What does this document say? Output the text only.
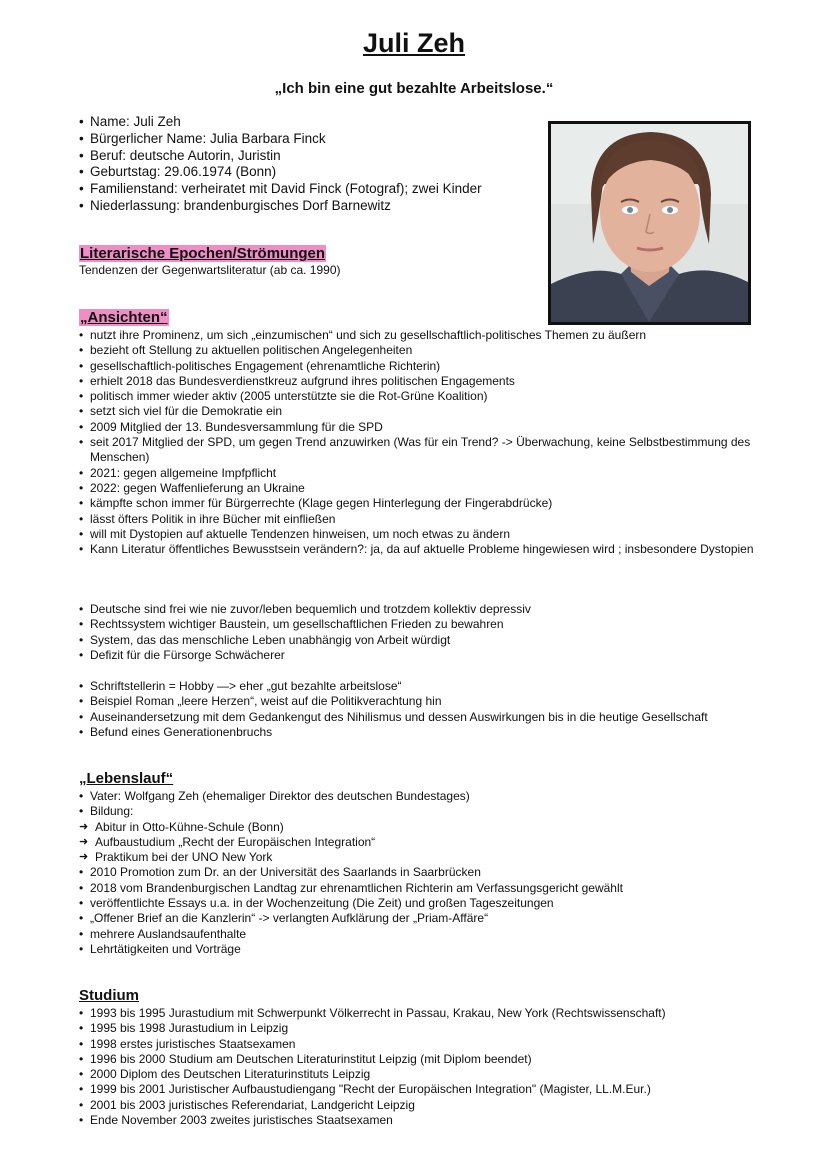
Juli Zeh
„Ich bin eine gut bezahlte Arbeitslose.“
• Name: Juli Zeh
• Bürgerlicher Name: Julia Barbara Finck
• Beruf: deutsche Autorin, Juristin
• Geburtstag: 29.06.1974 (Bonn)
• Familienstand: verheiratet mit David Finck (Fotograf); zwei Kinder
• Niederlassung: brandenburgisches Dorf Barnewitz
Literarische Epochen/Strömungen
Tendenzen der Gegenwartsliteratur (ab ca. 1990)
„Ansichten“
• nutzt ihre Prominenz, um sich „einzumischen“ und sich zu gesellschaftlich-politisches Themen zu äußern
• bezieht oft Stellung zu aktuellen politischen Angelegenheiten
• gesellschaftlich-politisches Engagement (ehrenamtliche Richterin)
• erhielt 2018 das Bundesverdienstkreuz aufgrund ihres politischen Engagements
• politisch immer wieder aktiv (2005 unterstützte sie die Rot-Grüne Koalition)
• setzt sich viel für die Demokratie ein
• 2009 Mitglied der 13. Bundesversammlung für die SPD
• seit 2017 Mitglied der SPD, um gegen Trend anzuwirken (Was für ein Trend? -> Überwachung, keine Selbstbestimmung des Menschen)
• 2021: gegen allgemeine Impfpflicht
• 2022: gegen Waffenlieferung an Ukraine
• kämpfte schon immer für Bürgerrechte (Klage gegen Hinterlegung der Fingerabdrücke)
• lässt öfters Politik in ihre Bücher mit einfließen
• will mit Dystopien auf aktuelle Tendenzen hinweisen, um noch etwas zu ändern
• Kann Literatur öffentliches Bewusstsein verändern?: ja, da auf aktuelle Probleme hingewiesen wird ; insbesondere Dystopien
• Deutsche sind frei wie nie zuvor/leben bequemlich und trotzdem kollektiv depressiv
• Rechtssystem wichtiger Baustein, um gesellschaftlichen Frieden zu bewahren
• System, das das menschliche Leben unabhängig von Arbeit würdigt
• Defizit für die Fürsorge Schwächerer
• Schriftstellerin = Hobby —> eher „gut bezahlte arbeitslose“
• Beispiel Roman „leere Herzen“, weist auf die Politikverachtung hin
• Auseinandersetzung mit dem Gedankengut des Nihilismus und dessen Auswirkungen bis in die heutige Gesellschaft
• Befund eines Generationenbruchs
„Lebenslauf“
• Vater: Wolfgang Zeh (ehemaliger Direktor des deutschen Bundestages)
• Bildung:
➜ Abitur in Otto-Kühne-Schule (Bonn)
➜ Aufbaustudium „Recht der Europäischen Integration“
➜ Praktikum bei der UNO New York
• 2010 Promotion zum Dr. an der Universität des Saarlands in Saarbrücken
• 2018 vom Brandenburgischen Landtag zur ehrenamtlichen Richterin am Verfassungsgericht gewählt
• veröffentlichte Essays u.a. in der Wochenzeitung (Die Zeit) und großen Tageszeitungen
• „Offener Brief an die Kanzlerin“ -> verlangten Aufklärung der „Priam-Affäre“
• mehrere Auslandsaufenthalte
• Lehrtätigkeiten und Vorträge
Studium
• 1993 bis 1995 Jurastudium mit Schwerpunkt Völkerrecht in Passau, Krakau, New York (Rechtswissenschaft)
• 1995 bis 1998 Jurastudium in Leipzig
• 1998 erstes juristisches Staatsexamen
• 1996 bis 2000 Studium am Deutschen Literaturinstitut Leipzig (mit Diplom beendet)
• 2000 Diplom des Deutschen Literaturinstituts Leipzig
• 1999 bis 2001 Juristischer Aufbaustudiengang "Recht der Europäischen Integration" (Magister, LL.M.Eur.)
• 2001 bis 2003 juristisches Referendariat, Landgericht Leipzig
• Ende November 2003 zweites juristisches Staatsexamen
